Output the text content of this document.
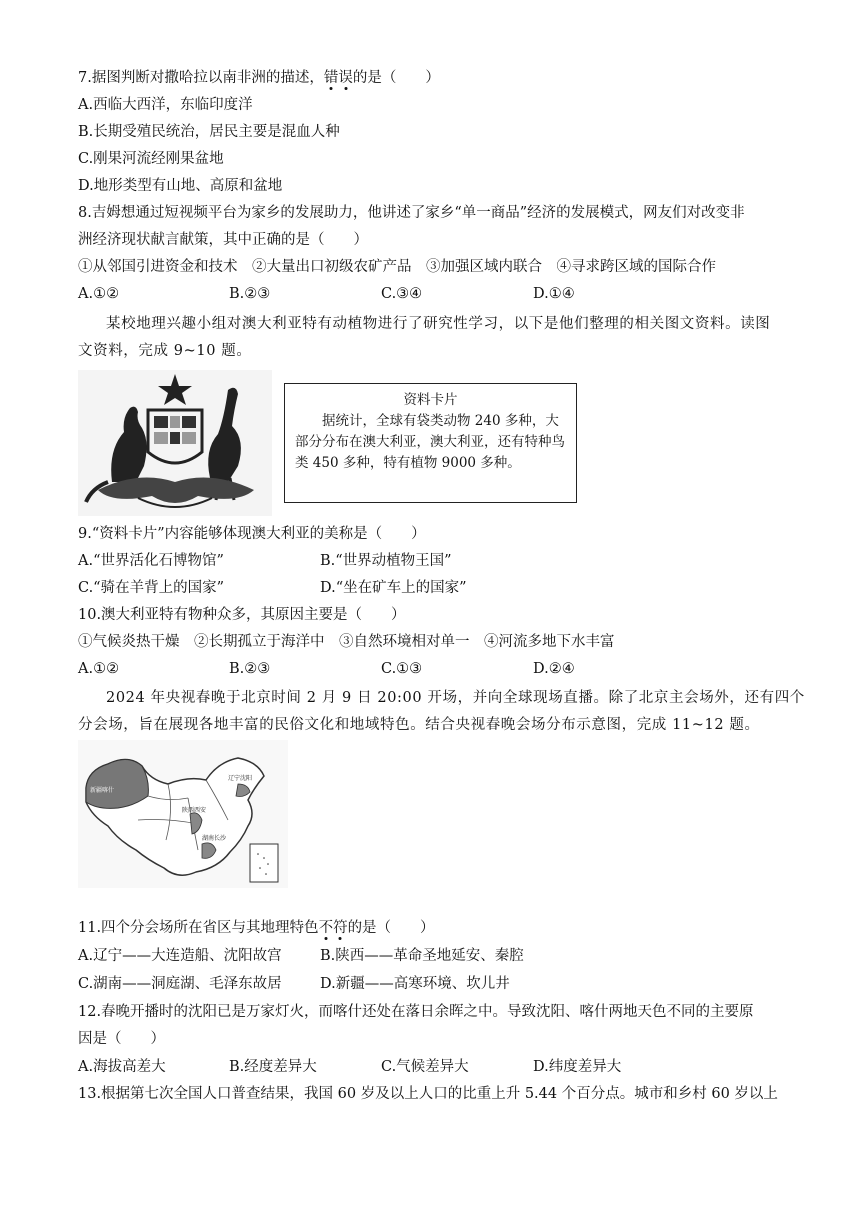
7.据图判断对撒哈拉以南非洲的描述，错误的是（　　）
A.西临大西洋，东临印度洋
B.长期受殖民统治，居民主要是混血人种
C.刚果河流经刚果盆地
D.地形类型有山地、高原和盆地
8.吉姆想通过短视频平台为家乡的发展助力，他讲述了家乡“单一商品”经济的发展模式，网友们对改变非
洲经济现状献言献策，其中正确的是（　　）
①从邻国引进资金和技术　②大量出口初级农矿产品　③加强区域内联合　④寻求跨区域的国际合作
A.①②	B.②③	C.③④	D.①④
某校地理兴趣小组对澳大利亚特有动植物进行了研究性学习，以下是他们整理的相关图文资料。读图
文资料，完成 9~10 题。
资料卡片
据统计，全球有袋类动物 240 多种，大部分分布在澳大利亚，澳大利亚，还有特种鸟类 450 多种，特有植物 9000 多种。
9.“资料卡片”内容能够体现澳大利亚的美称是（　　）
A.“世界活化石博物馆”	B.“世界动植物王国”
C.“骑在羊背上的国家”	D.“坐在矿车上的国家”
10.澳大利亚特有物种众多，其原因主要是（　　）
①气候炎热干燥　②长期孤立于海洋中　③自然环境相对单一　④河流多地下水丰富
A.①②	B.②③	C.①③	D.②④
2024 年央视春晚于北京时间 2 月 9 日 20:00 开场，并向全球现场直播。除了北京主会场外，还有四个
分会场，旨在展现各地丰富的民俗文化和地域特色。结合央视春晚会场分布示意图，完成 11~12 题。
新疆喀什
辽宁沈阳
陕西西安
湖南长沙
11.四个分会场所在省区与其地理特色不符的是（　　）
A.辽宁——大连造船、沈阳故宫	B.陕西——革命圣地延安、秦腔
C.湖南——洞庭湖、毛泽东故居	D.新疆——高寒环境、坎儿井
12.春晚开播时的沈阳已是万家灯火，而喀什还处在落日余晖之中。导致沈阳、喀什两地天色不同的主要原
因是（　　）
A.海拔高差大	B.经度差异大	C.气候差异大	D.纬度差异大
13.根据第七次全国人口普查结果，我国 60 岁及以上人口的比重上升 5.44 个百分点。城市和乡村 60 岁以上
